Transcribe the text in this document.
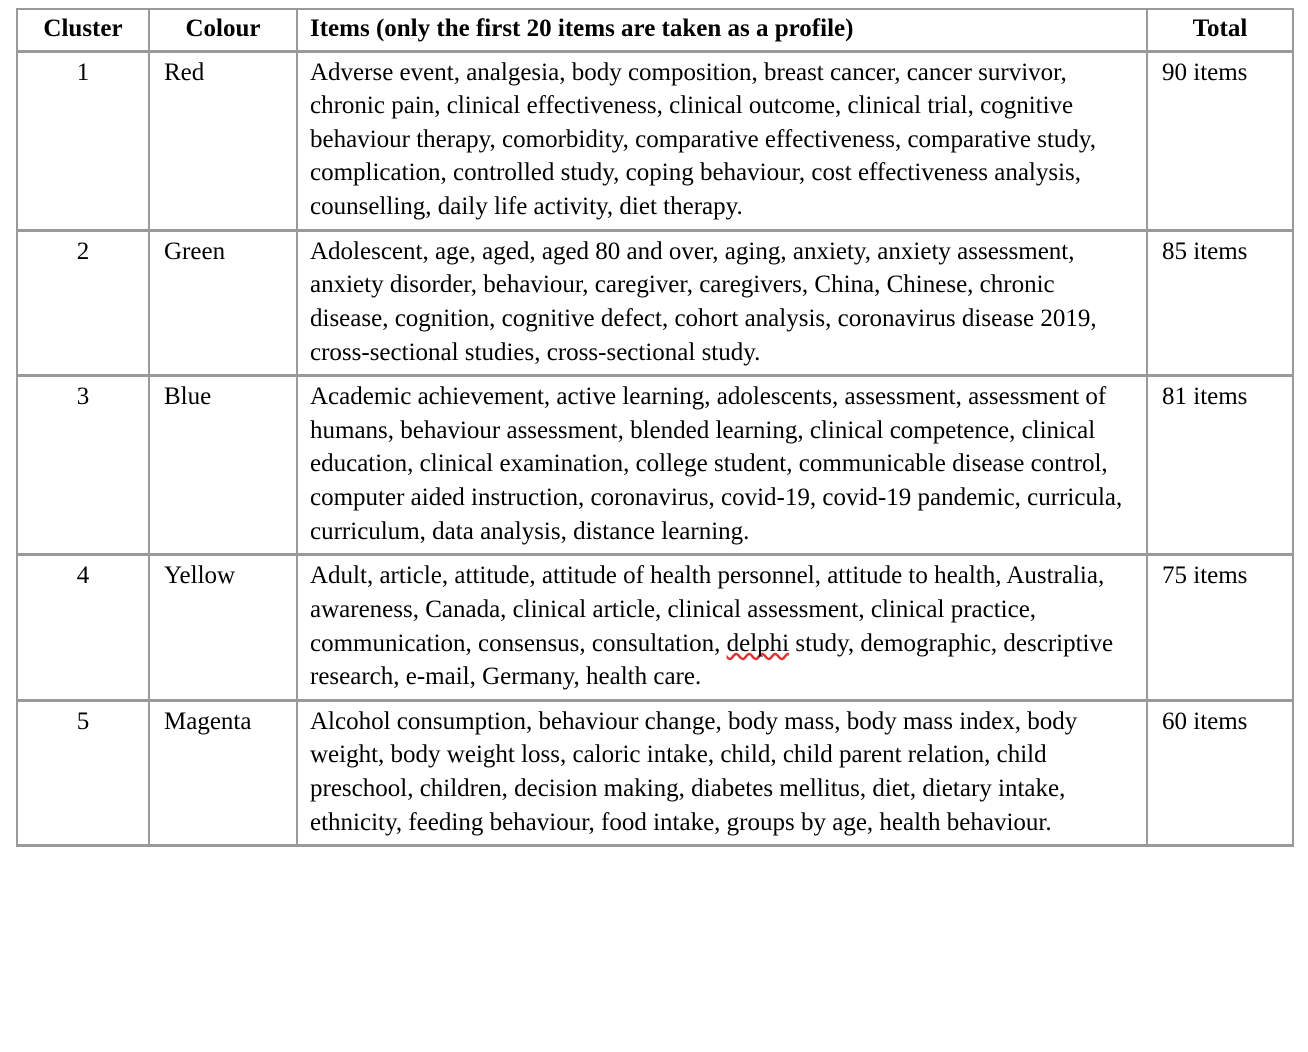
Cluster	Colour	Items (only the first 20 items are taken as a profile)	Total
1	Red	Adverse event, analgesia, body composition, breast cancer, cancer survivor, chronic pain, clinical effectiveness, clinical outcome, clinical trial, cognitive behaviour therapy, comorbidity, comparative effectiveness, comparative study, complication, controlled study, coping behaviour, cost effectiveness analysis, counselling, daily life activity, diet therapy.	90 items
2	Green	Adolescent, age, aged, aged 80 and over, aging, anxiety, anxiety assessment, anxiety disorder, behaviour, caregiver, caregivers, China, Chinese, chronic disease, cognition, cognitive defect, cohort analysis, coronavirus disease 2019, cross-sectional studies, cross-sectional study.	85 items
3	Blue	Academic achievement, active learning, adolescents, assessment, assessment of humans, behaviour assessment, blended learning, clinical competence, clinical education, clinical examination, college student, communicable disease control, computer aided instruction, coronavirus, covid-19, covid-19 pandemic, curricula, curriculum, data analysis, distance learning.	81 items
4	Yellow	Adult, article, attitude, attitude of health personnel, attitude to health, Australia, awareness, Canada, clinical article, clinical assessment, clinical practice, communication, consensus, consultation, delphi study, demographic, descriptive research, e-mail, Germany, health care.	75 items
5	Magenta	Alcohol consumption, behaviour change, body mass, body mass index, body weight, body weight loss, caloric intake, child, child parent relation, child preschool, children, decision making, diabetes mellitus, diet, dietary intake, ethnicity, feeding behaviour, food intake, groups by age, health behaviour.	60 items
